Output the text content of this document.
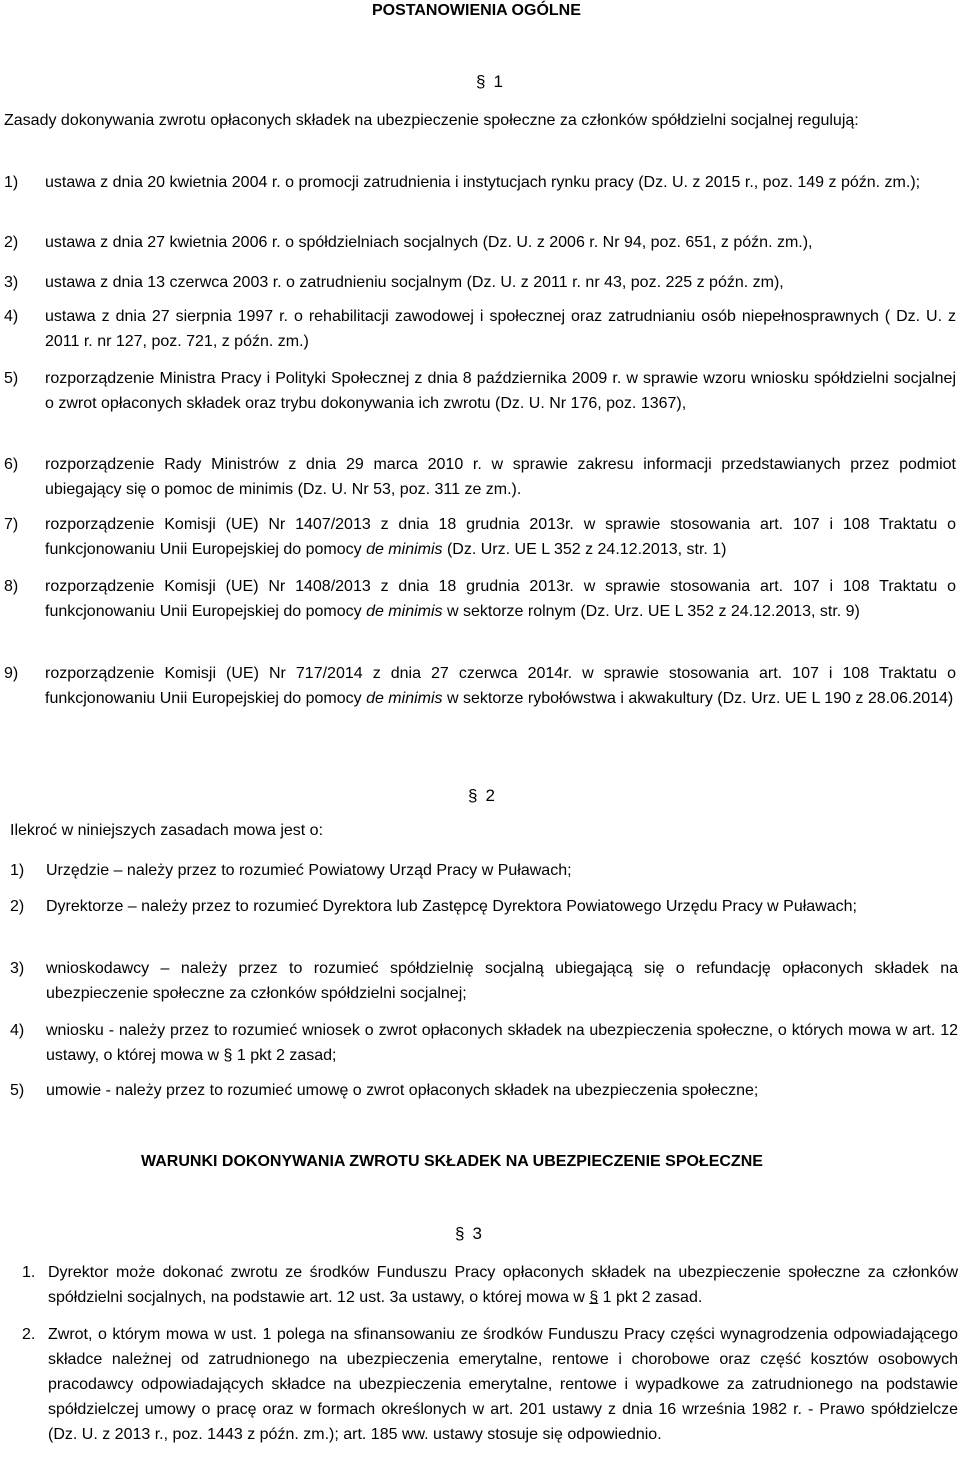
POSTANOWIENIA OGÓLNE
§ 1
Zasady dokonywania zwrotu opłaconych składek na ubezpieczenie społeczne za członków spółdzielni socjalnej regulują:
1) ustawa z dnia 20 kwietnia 2004 r. o promocji zatrudnienia i instytucjach rynku pracy (Dz. U. z 2015 r., poz. 149 z późn. zm.);
2) ustawa z dnia 27 kwietnia 2006 r. o spółdzielniach socjalnych (Dz. U. z 2006 r. Nr 94, poz. 651, z późn. zm.),
3) ustawa z dnia 13 czerwca 2003 r. o zatrudnieniu socjalnym (Dz. U. z 2011 r. nr 43, poz. 225 z późn. zm),
4) ustawa z dnia 27 sierpnia 1997 r. o rehabilitacji zawodowej i społecznej oraz zatrudnianiu osób niepełnosprawnych ( Dz. U. z 2011 r. nr 127, poz. 721, z późn. zm.)
5) rozporządzenie Ministra Pracy i Polityki Społecznej z dnia 8 października 2009 r. w sprawie wzoru wniosku spółdzielni socjalnej o zwrot opłaconych składek oraz trybu dokonywania ich zwrotu (Dz. U. Nr 176, poz. 1367),
6) rozporządzenie Rady Ministrów z dnia 29 marca 2010 r. w sprawie zakresu informacji przedstawianych przez podmiot ubiegający się o pomoc de minimis (Dz. U. Nr 53, poz. 311 ze zm.).
7) rozporządzenie Komisji (UE) Nr 1407/2013 z dnia 18 grudnia 2013r. w sprawie stosowania art. 107 i 108 Traktatu o funkcjonowaniu Unii Europejskiej do pomocy de minimis (Dz. Urz. UE L 352 z 24.12.2013, str. 1)
8) rozporządzenie Komisji (UE) Nr 1408/2013 z dnia 18 grudnia 2013r. w sprawie stosowania art. 107 i 108 Traktatu o funkcjonowaniu Unii Europejskiej do pomocy de minimis w sektorze rolnym (Dz. Urz. UE L 352 z 24.12.2013, str. 9)
9) rozporządzenie Komisji (UE) Nr 717/2014 z dnia 27 czerwca 2014r. w sprawie stosowania art. 107 i 108 Traktatu o funkcjonowaniu Unii Europejskiej do pomocy de minimis w sektorze rybołówstwa i akwakultury (Dz. Urz. UE L 190 z 28.06.2014)
§ 2
Ilekroć w niniejszych zasadach mowa jest o:
1) Urzędzie – należy przez to rozumieć Powiatowy Urząd Pracy w Puławach;
2) Dyrektorze – należy przez to rozumieć Dyrektora lub Zastępcę Dyrektora Powiatowego Urzędu Pracy w Puławach;
3) wnioskodawcy – należy przez to rozumieć spółdzielnię socjalną ubiegającą się o refundację opłaconych składek na ubezpieczenie społeczne za członków spółdzielni socjalnej;
4) wniosku - należy przez to rozumieć wniosek o zwrot opłaconych składek na ubezpieczenia społeczne, o których mowa w art. 12 ustawy, o której mowa w § 1 pkt 2 zasad;
5) umowie - należy przez to rozumieć umowę o zwrot opłaconych składek na ubezpieczenia społeczne;
WARUNKI DOKONYWANIA ZWROTU SKŁADEK NA UBEZPIECZENIE SPOŁECZNE
§ 3
1. Dyrektor może dokonać zwrotu ze środków Funduszu Pracy opłaconych składek na ubezpieczenie społeczne za członków spółdzielni socjalnych, na podstawie art. 12 ust. 3a ustawy, o której mowa w § 1 pkt 2 zasad.
2. Zwrot, o którym mowa w ust. 1 polega na sfinansowaniu ze środków Funduszu Pracy części wynagrodzenia odpowiadającego składce należnej od zatrudnionego na ubezpieczenia emerytalne, rentowe i chorobowe oraz część kosztów osobowych pracodawcy odpowiadających składce na ubezpieczenia emerytalne, rentowe i wypadkowe za zatrudnionego na podstawie spółdzielczej umowy o pracę oraz w formach określonych w art. 201 ustawy z dnia 16 września 1982 r. - Prawo spółdzielcze (Dz. U. z 2013 r., poz. 1443 z późn. zm.); art. 185 ww. ustawy stosuje się odpowiednio.
